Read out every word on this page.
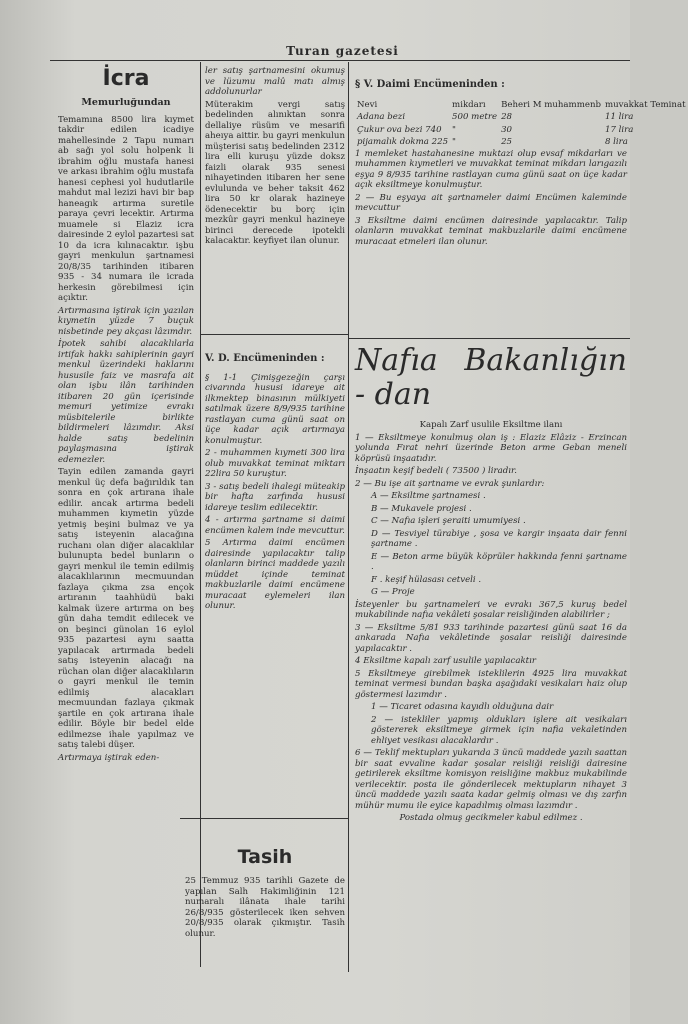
Turan gazetesi
İcra
Memurluğundan

Temamına 8500 lira kıymet takdir edilen icadiye mahellesinde 2 Tapu numarı ab sağı yol solu holpenk li ibrahim oğlu mustafa hanesi ve arkası ibrahim oğlu mustafa hanesi cephesi yol hudutlarile mahdut mal lezizi havi bir bap haneagık artırma suretile paraya çevri lecektir. Artırma muamele si Elaziz icra dairesinde 2 eylol pazartesi sat 10 da icra kılınacaktır. işbu gayri menkulun şartnamesi 20/8/35 tarihinden itibaren 935 - 34 numara ile icrada herkesin görebilmesi için açıktır.

Artırmasına iştirak için yazılan kıymetin yüzde 7 buçuk nisbetinde pey akçası lâzımdır.

İpotek sahibi alacaklılarla irtifak hakkı sahiplerinin gayri menkul üzerindeki haklarını hususile faiz ve masrafa ait olan işbu ilân tarihinden itibaren 20 gün içerisinde memuri yetimize evrakı müsbitelerile birlikte bildirmeleri lâzımdır. Aksi halde satış bedelinin paylaşmasına iştirak edemezler.

Tayin edilen zamanda gayri menkul üç defa bağırıldık tan sonra en çok artırana ihale edilir. ancak artırma bedeli muhammen kıymetin yüzde yetmiş beşini bulmaz ve ya satış isteyenin alacağına ruchanı olan diğer alacaklılar bulunupta bedel bunların o gayri menkul ile temin edilmiş alacaklılarının mecmuundan fazlaya çıkma zsa ençok artıranın taahhüdü baki kalmak üzere artırma on beş gün daha temdit edilecek ve on beşinci günolan 16 eylol 935 pazartesi aynı saatta yapılacak artırmada bedeli satış isteyenin alacağı na rüchan olan diğer alacaklıların o gayri menkul ile temin edilmiş alacakları mecmuundan fazlaya çıkmak şartile en çok artırana ihale edilir. Böyle bir bedel elde edilmezse ihale yapılmaz ve satış talebi düşer.

Artırmaya iştirak eden-

ler satış şartnamesini okumuş ve lüzumu malû matı almış addolunurlar

Müterakim vergi satış bedelinden alınıktan sonra dellaliye rüsüm ve mesarifi aheıya aittir. bu gayri menkulun müşterisi satış bedelinden 2312 lira elli kuruşu yüzde doksz faizli olarak 935 senesi nihayetinden itibaren her sene evlulunda ve beher taksit 462 lira 50 kr olarak hazineye ödenecektir bu borç için mezkûr gayri menkul hazineye birinci derecede ipotekli kalacaktır. keyfiyet ilan olunur.

V. D. Encümeninden :

§ 1-1 Çimişgezeğin çarşı civarında hususi idareye ait ilkmektep binasının mülkiyeti satılmak üzere 8/9/935 tarihine rastlayan cuma günü saat on üçe kadar açık artırmaya konulmuştur.

2 - muhammen kıymeti 300 lira olub muvakkat teminat miktarı 22lira 50 kuruştur.

3 - satış bedeli ihalegi müteakip bir hafta zarfında hususi idareye teslim edilecektir.

4 - artırma şartname si daimi encümen kalem inde mevcuttur.

5 Artırma daimi encümen dairesinde yapılacaktır talip olanların birinci maddede yazılı müddet içinde teminat makbuzlarile daimi encümene muracaat eylemeleri ilan olunur.

Tasih

25 Temmuz 935 tarihli Gazete de yapılan Salh Hakimliğinin 121 numaralı ilânata ihale tarihi 26/8/935 gösterilecek iken sehven 20/8/935 olarak çıkmıştır. Tasih olunur.

§ V. Daimi Encümeninden :
Nevi	mikdarı	Beheri M muhammenb	muvakkat Teminat
Adana bezi	500 metre	28	11 lira
Çukur ova bezi 740	"	30	17 lira
pijamalık dokma 225	"	25	8 lira

1 memleket hastahanesine muktazi olup evsaf mikdarları ve muhammen kıymetleri ve muvakkat teminat mikdarı larıgazılı eşya 9 8/935 tarihine rastlayan cuma günü saat on üçe kadar açık eksiltmeye konulmuştur.

2 — Bu eşyaya ait şartnameler daimi Encümen kaleminde mevcuttur

3 Eksiltme daimi encümen dairesinde yapılacaktır. Talip olanların muvakkat teminat makbuzlarile daimi encümene muracaat etmeleri ilan olunur.

Nafıa Bakanlığın - dan
Kapalı Zarf usulile Eksiltme ilanı

1 — Eksiltmeye konulmuş olan iş : Elaziz Elâziz - Erzincan yolunda Fırat nehri üzerinde Beton arme Geban meneli köprüsü inşaatıdır.

İnşaatın keşif bedeli ( 73500 ) liradır.

2 — Bu işe ait şartname ve evrak şunlardır:

A — Eksiltme şartnamesi .

B — Mukavele projesi .

C — Nafıa işleri şeraiti umumiyesi .

D — Tesviyel türabiye , şosa ve kargir inşaata dair fenni şartname .

E — Beton arme büyük köprüler hakkında fenni şartname .

F . keşif hülasası cetveli .

G — Proje

İsteyenler bu şartnameleri ve evrakı 367,5 kuruş bedel mukabilinde nafıa vekâleti şosalar reisliğinden alabilirler ;

3 — Eksiltme 5/81 933 tarihinde pazartesi günü saat 16 da ankarada Nafıa vekâletinde şosalar reisliği dairesinde yapılacaktır .

4 Eksiltme kapalı zarf usulile yapılacaktır

5 Eksiltmeye girebilmek isteklilerin 4925 lira muvakkat teminat vermesi bundan başka aşağıdaki vesikaları haiz olup göstermesi lazımdır .

1 — Ticaret odasına kayıdlı olduğuna dair

2 — istekliler yapmış oldukları işlere ait vesikaları göstererek eksiltmeye girmek için nafia vekaletinden ehliyet vesikası alacaklardır .

6 — Teklif mektupları yukarıda 3 üncü maddede yazılı saattan bir saat evvaline kadar şosalar reisliği reisliği dairesine getirilerek eksiltme komisyon reisliğine makbuz mukabilinde verilecektir. posta ile gönderilecek mektupların nihayet 3 üncü maddede yazılı saata kadar gelmiş olması ve dış zarfın mühür mumu ile eyice kapadılmış olması lazımdır .

Postada olmuş gecikmeler kabul edilmez .
